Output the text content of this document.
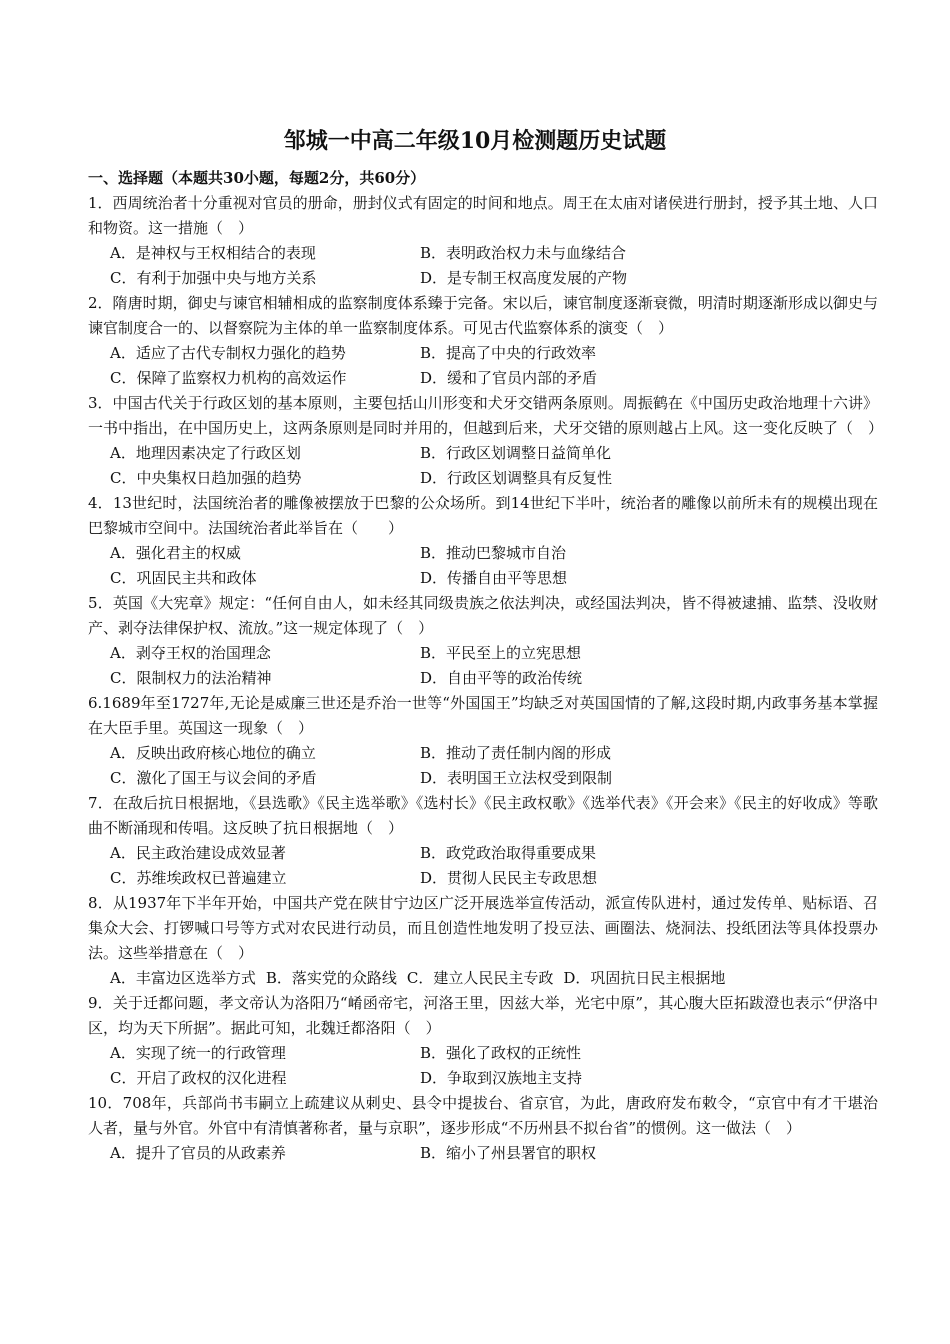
邹城一中高二年级10月检测题历史试题
一、选择题（本题共30小题，每题2分，共60分）

1．西周统治者十分重视对官员的册命，册封仪式有固定的时间和地点。周王在太庙对诸侯进行册封，授予其土地、人口和物资。这一措施（　）

A．是神权与王权相结合的表现	B．表明政治权力未与血缘结合
C．有利于加强中央与地方关系	D．是专制王权高度发展的产物

2．隋唐时期，御史与谏官相辅相成的监察制度体系臻于完备。宋以后，谏官制度逐渐衰微，明清时期逐渐形成以御史与谏官制度合一的、以督察院为主体的单一监察制度体系。可见古代监察体系的演变（　）

A．适应了古代专制权力强化的趋势	B．提高了中央的行政效率
C．保障了监察权力机构的高效运作	D．缓和了官员内部的矛盾

3．中国古代关于行政区划的基本原则，主要包括山川形变和犬牙交错两条原则。周振鹤在《中国历史政治地理十六讲》一书中指出，在中国历史上，这两条原则是同时并用的，但越到后来，犬牙交错的原则越占上风。这一变化反映了（　）

A．地理因素决定了行政区划	B．行政区划调整日益简单化
C．中央集权日趋加强的趋势	D．行政区划调整具有反复性

4．13世纪时，法国统治者的雕像被摆放于巴黎的公众场所。到14世纪下半叶，统治者的雕像以前所未有的规模出现在巴黎城市空间中。法国统治者此举旨在（　　）

A．强化君主的权威	B．推动巴黎城市自治
C．巩固民主共和政体	D．传播自由平等思想

5．英国《大宪章》规定：“任何自由人，如未经其同级贵族之依法判决，或经国法判决，皆不得被逮捕、监禁、没收财产、剥夺法律保护权、流放。”这一规定体现了（　）

A．剥夺王权的治国理念	B．平民至上的立宪思想
C．限制权力的法治精神	D．自由平等的政治传统

6.1689年至1727年,无论是威廉三世还是乔治一世等“外国国王”均缺乏对英国国情的了解,这段时期,内政事务基本掌握在大臣手里。英国这一现象（　）

A．反映出政府核心地位的确立	B．推动了责任制内阁的形成
C．激化了国王与议会间的矛盾	D．表明国王立法权受到限制

7．在敌后抗日根据地，《县选歌》《民主选举歌》《选村长》《民主政权歌》《选举代表》《开会来》《民主的好收成》等歌曲不断涌现和传唱。这反映了抗日根据地（　）

A．民主政治建设成效显著	B．政党政治取得重要成果
C．苏维埃政权已普遍建立	D．贯彻人民民主专政思想

8．从1937年下半年开始，中国共产党在陕甘宁边区广泛开展选举宣传活动，派宣传队进村，通过发传单、贴标语、召集众大会、打锣喊口号等方式对农民进行动员，而且创造性地发明了投豆法、画圈法、烧洞法、投纸团法等具体投票办法。这些举措意在（　）

A．丰富边区选举方式 B．落实党的众路线 C．建立人民民主专政 D．巩固抗日民主根据地

9．关于迁都问题，孝文帝认为洛阳乃“崤函帝宅，河洛王里，因兹大举，光宅中原”，其心腹大臣拓跋澄也表示“伊洛中区，均为天下所据”。据此可知，北魏迁都洛阳（　）

A．实现了统一的行政管理	B．强化了政权的正统性
C．开启了政权的汉化进程	D．争取到汉族地主支持

10．708年，兵部尚书韦嗣立上疏建议从刺史、县令中提拔台、省京官，为此，唐政府发布敕令，“京官中有才干堪治人者，量与外官。外官中有清慎著称者，量与京职”，逐步形成“不历州县不拟台省”的惯例。这一做法（　）

A．提升了官员的从政素养	B．缩小了州县署官的职权
